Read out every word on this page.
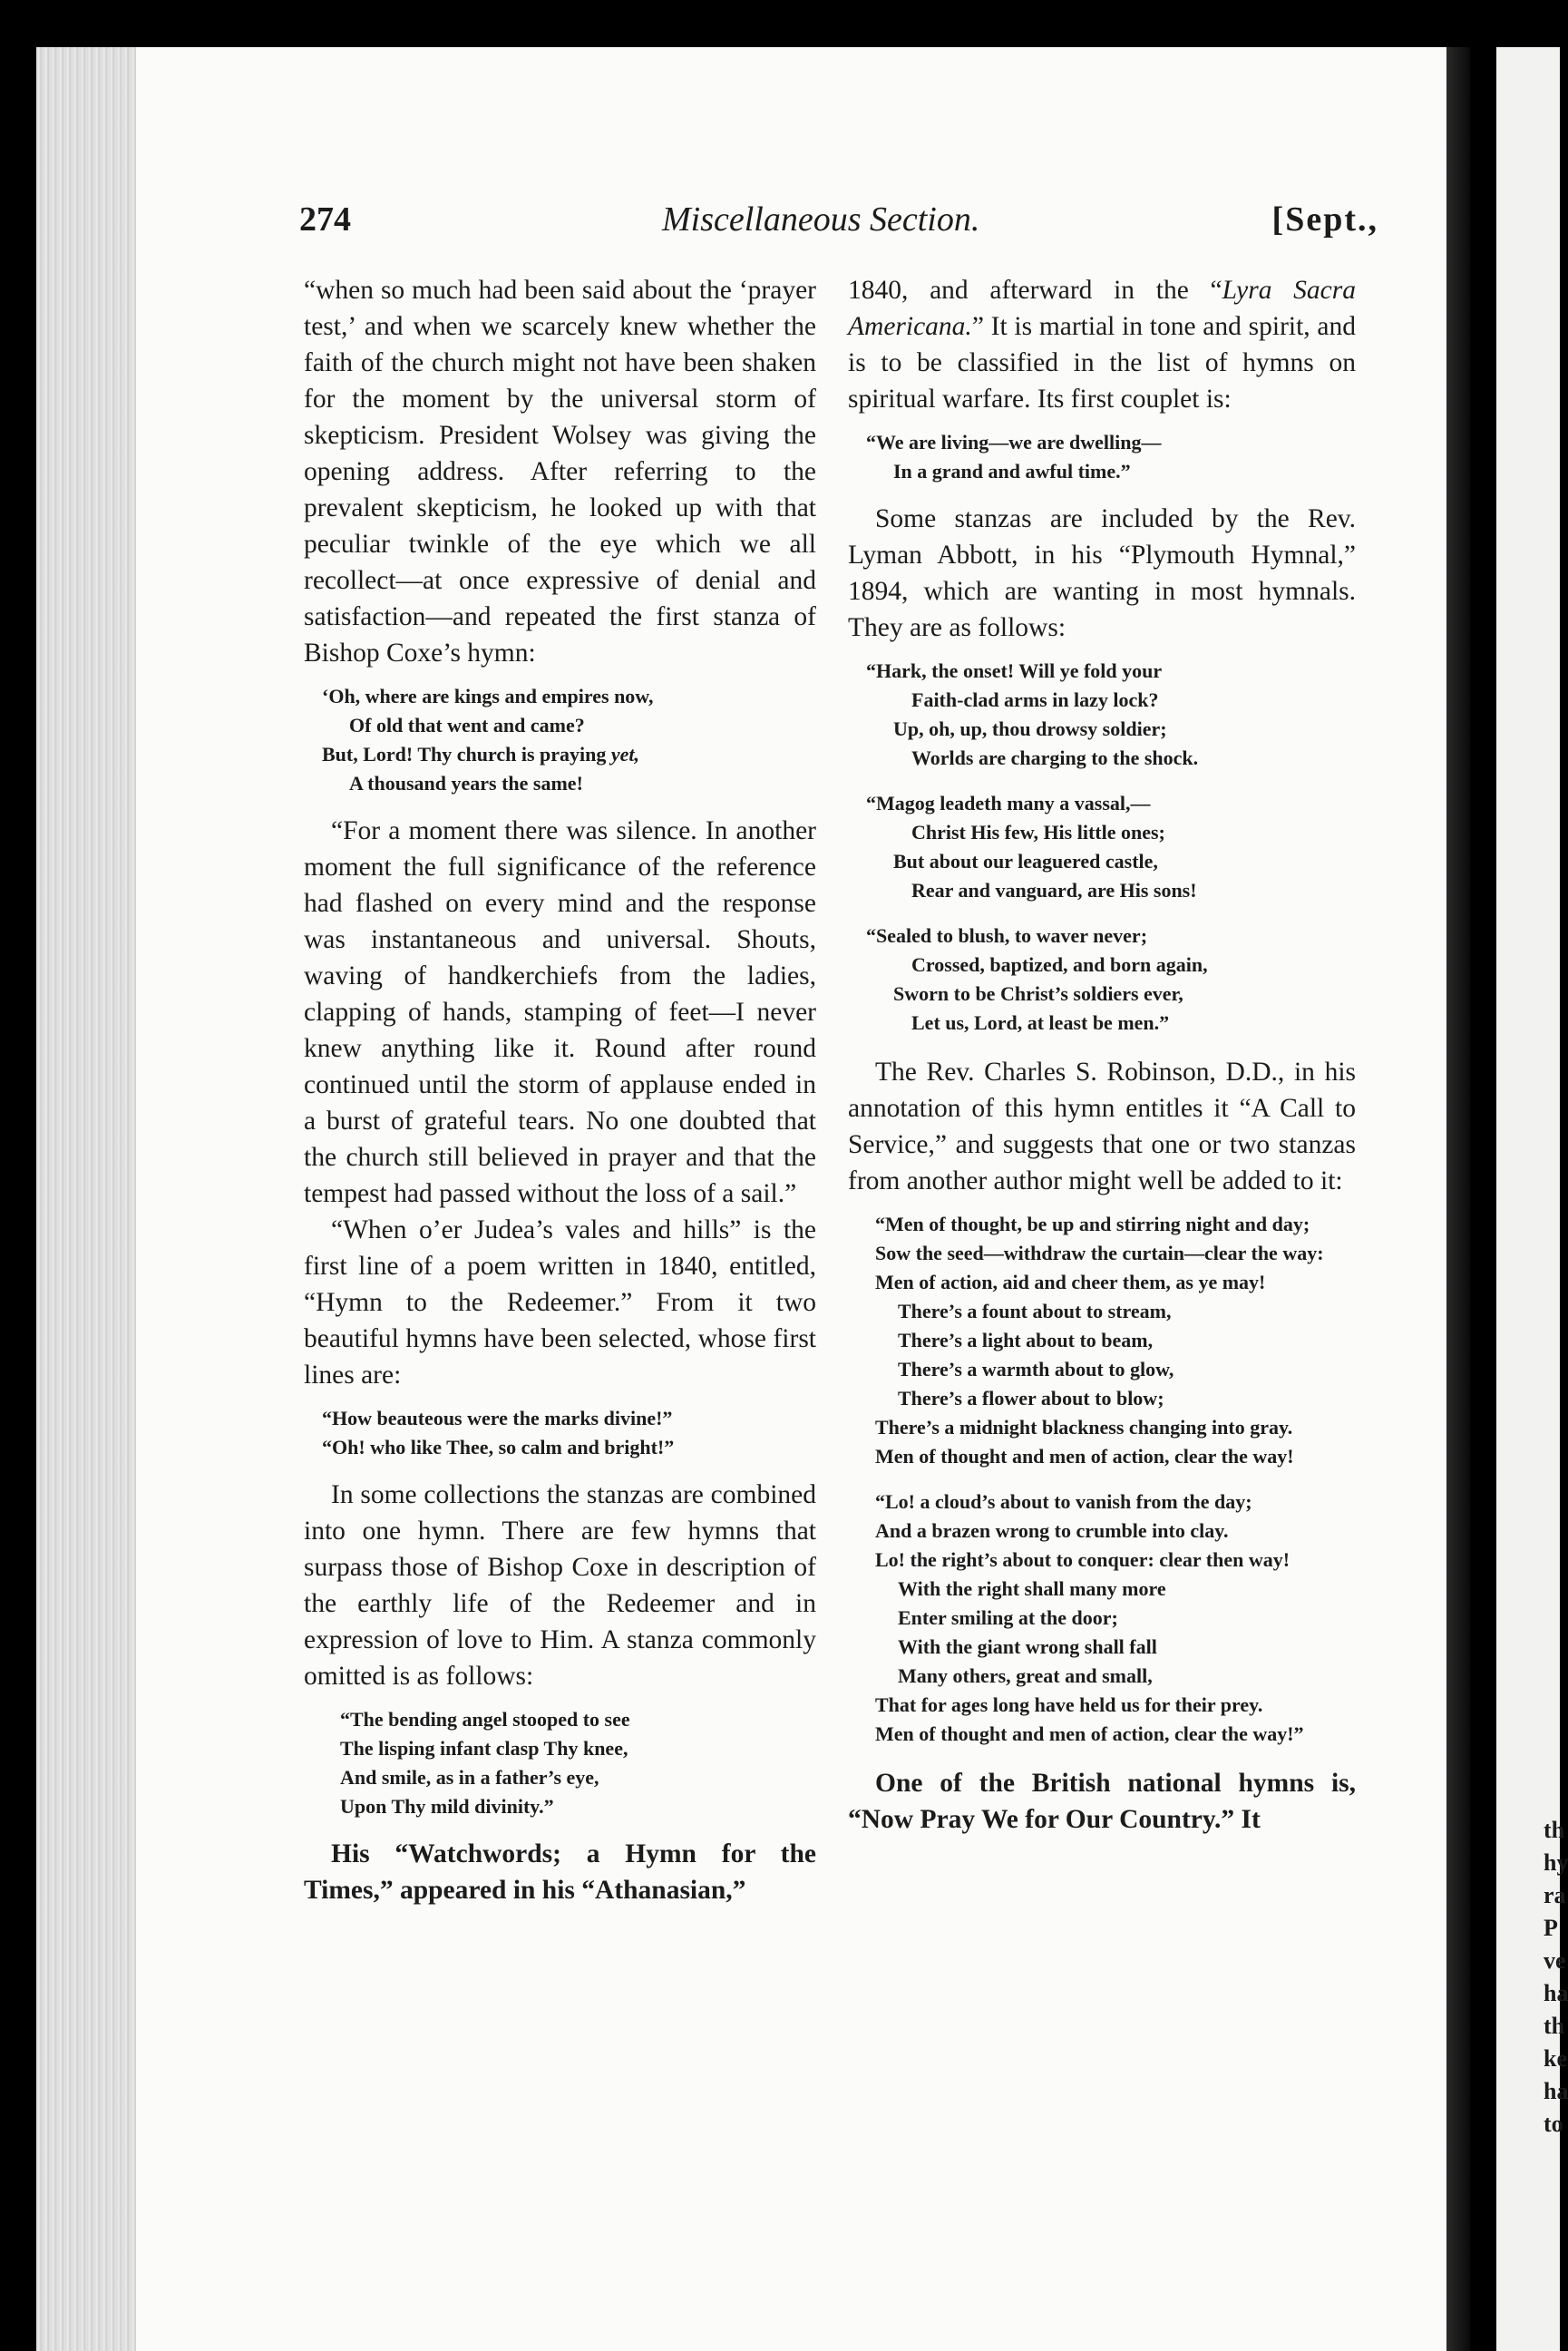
th
hy
ra
P
ve
ha
th
ke
ha
to
274	Miscellaneous Section.	[Sept.,

“when so much had been said about the ‘prayer test,’ and when we scarcely knew whether the faith of the church might not have been shaken for the moment by the universal storm of skepticism. President Wolsey was giving the opening address. After referring to the prevalent skepticism, he looked up with that peculiar twinkle of the eye which we all recollect—at once expressive of denial and satisfaction—and repeated the first stanza of Bishop Coxe’s hymn:

‘Oh, where are kings and empires now,
Of old that went and came?
But, Lord! Thy church is praying yet,
A thousand years the same!

“For a moment there was silence. In another moment the full significance of the reference had flashed on every mind and the response was instantaneous and universal. Shouts, waving of handkerchiefs from the ladies, clapping of hands, stamping of feet—I never knew anything like it. Round after round continued until the storm of applause ended in a burst of grateful tears. No one doubted that the church still believed in prayer and that the tempest had passed without the loss of a sail.”

“When o’er Judea’s vales and hills” is the first line of a poem written in 1840, entitled, “Hymn to the Redeemer.” From it two beautiful hymns have been selected, whose first lines are:

“How beauteous were the marks divine!”
“Oh! who like Thee, so calm and bright!”

In some collections the stanzas are combined into one hymn. There are few hymns that surpass those of Bishop Coxe in description of the earthly life of the Redeemer and in expression of love to Him. A stanza commonly omitted is as follows:

“The bending angel stooped to see
The lisping infant clasp Thy knee,
And smile, as in a father’s eye,
Upon Thy mild divinity.”

His “Watchwords; a Hymn for the Times,” appeared in his “Athanasian,”

1840, and afterward in the “Lyra Sacra Americana.” It is martial in tone and spirit, and is to be classified in the list of hymns on spiritual warfare. Its first couplet is:

“We are living—we are dwelling—
In a grand and awful time.”

Some stanzas are included by the Rev. Lyman Abbott, in his “Plymouth Hymnal,” 1894, which are wanting in most hymnals. They are as follows:

“Hark, the onset! Will ye fold your
Faith-clad arms in lazy lock?
Up, oh, up, thou drowsy soldier;
Worlds are charging to the shock.
“Magog leadeth many a vassal,—
Christ His few, His little ones;
But about our leaguered castle,
Rear and vanguard, are His sons!
“Sealed to blush, to waver never;
Crossed, baptized, and born again,
Sworn to be Christ’s soldiers ever,
Let us, Lord, at least be men.”

The Rev. Charles S. Robinson, D.D., in his annotation of this hymn entitles it “A Call to Service,” and suggests that one or two stanzas from another author might well be added to it:

“Men of thought, be up and stirring night and day;
Sow the seed—withdraw the curtain—clear the way:
Men of action, aid and cheer them, as ye may!
There’s a fount about to stream,
There’s a light about to beam,
There’s a warmth about to glow,
There’s a flower about to blow;
There’s a midnight blackness changing into gray.
Men of thought and men of action, clear the way!
“Lo! a cloud’s about to vanish from the day;
And a brazen wrong to crumble into clay.
Lo! the right’s about to conquer: clear then way!
With the right shall many more
Enter smiling at the door;
With the giant wrong shall fall
Many others, great and small,
That for ages long have held us for their prey.
Men of thought and men of action, clear the way!”

One of the British national hymns is, “Now Pray We for Our Country.” It
